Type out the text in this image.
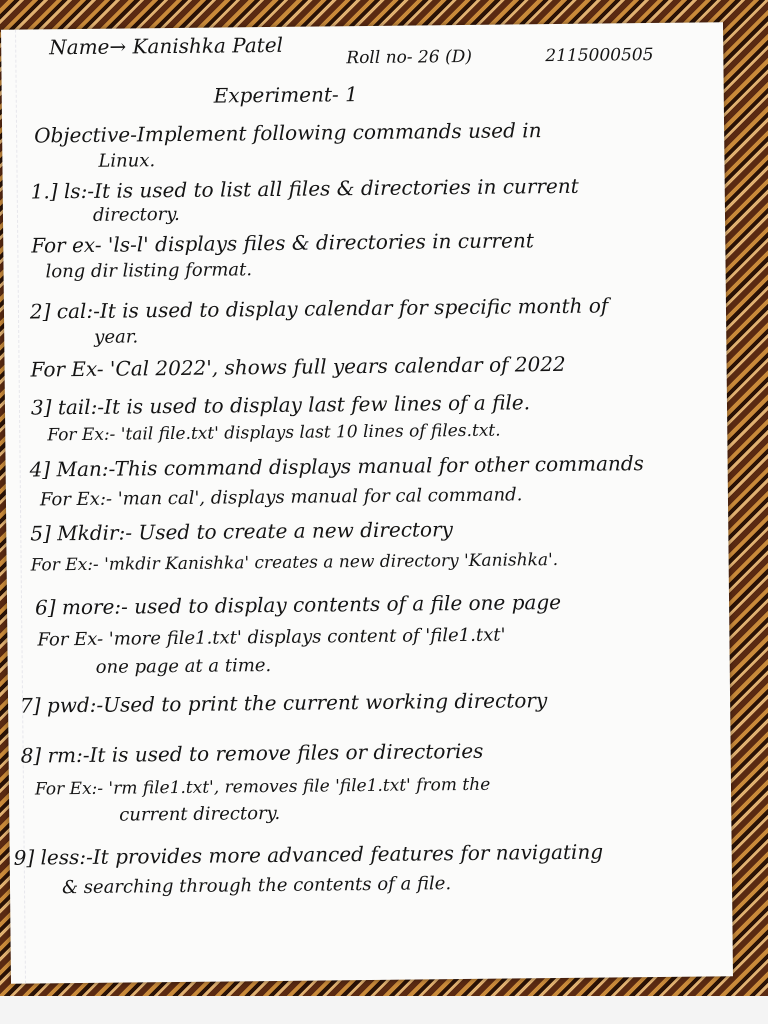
Name→ Kanishka Patel	Roll no- 26 (D)	2115000505
Experiment- 1
Objective-Implement following commands used in
Linux.
1.] ls:-It is used to list all files & directories in current
directory.
For ex- 'ls-l' displays files & directories in current
long dir listing format.
2] cal:-It is used to display calendar for specific month of
year.
For Ex- 'Cal 2022', shows full years calendar of 2022
3] tail:-It is used to display last few lines of a file.
For Ex:- 'tail file.txt' displays last 10 lines of files.txt.
4] Man:-This command displays manual for other commands
For Ex:- 'man cal', displays manual for cal command.
5] Mkdir:- Used to create a new directory
For Ex:- 'mkdir Kanishka' creates a new directory 'Kanishka'.
6] more:- used to display contents of a file one page
For Ex- 'more file1.txt' displays content of 'file1.txt'
one page at a time.
7] pwd:-Used to print the current working directory
8] rm:-It is used to remove files or directories
For Ex:- 'rm file1.txt', removes file 'file1.txt' from the
current directory.
9] less:-It provides more advanced features for navigating
& searching through the contents of a file.
